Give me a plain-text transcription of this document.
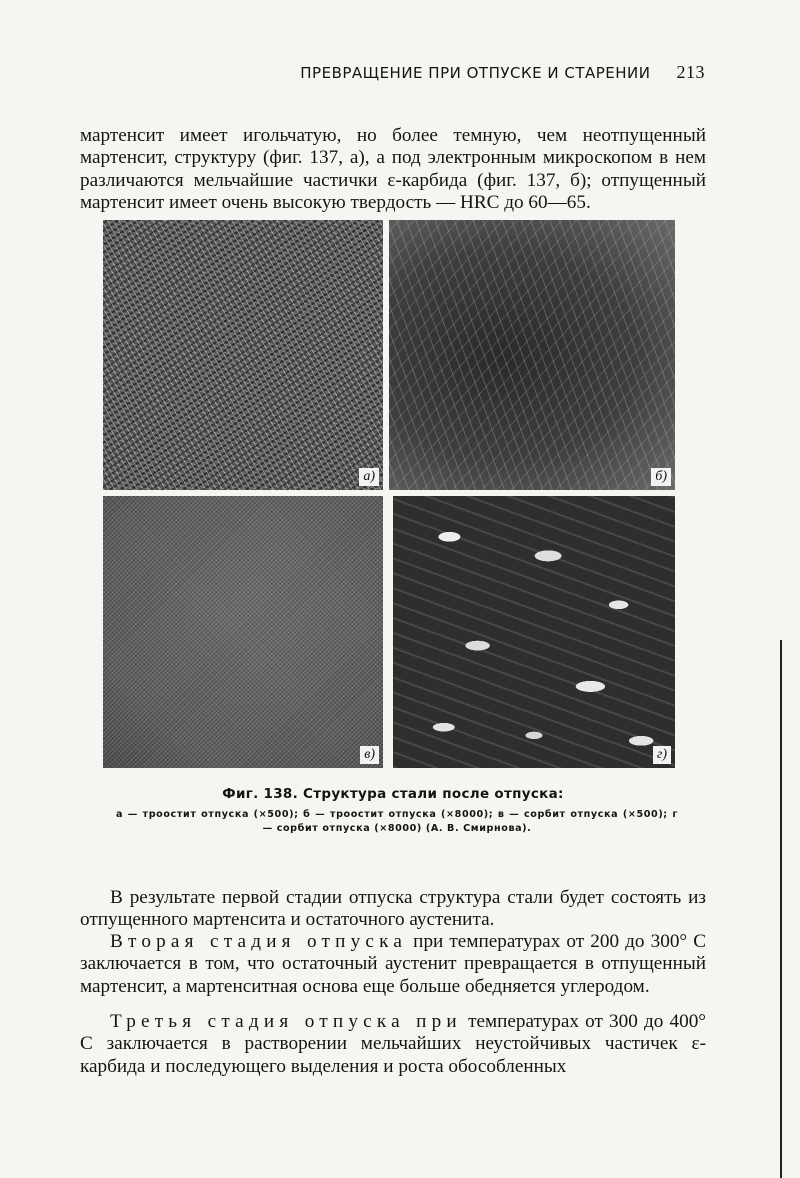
ПРЕВРАЩЕНИЕ ПРИ ОТПУСКЕ И СТАРЕНИИ 213

мартенсит имеет игольчатую, но более темную, чем неотпущенный мартенсит, структуру (фиг. 137, а), а под электронным микроскопом в нем различаются мельчайшие частички ε-карбида (фиг. 137, б); отпущенный мартенсит имеет очень высокую твердость — HRC до 60—65.

а)	б)
в)	г)
Фиг. 138. Структура стали после отпуска:
а — троостит отпуска (×500); б — троостит отпуска (×8000); в — сорбит отпуска (×500); г — сорбит отпуска (×8000) (А. В. Смирнова).

В результате первой стадии отпуска структура стали будет состоять из отпущенного мартенсита и остаточного аустенита.

Вторая стадия отпуска при температурах от 200 до 300° С заключается в том, что остаточный аустенит превращается в отпущенный мартенсит, а мартенситная основа еще больше обедняется углеродом.

Третья стадия отпуска при температурах от 300 до 400° С заключается в растворении мельчайших неустойчивых частичек ε-карбида и последующего выделения и роста обособленных
